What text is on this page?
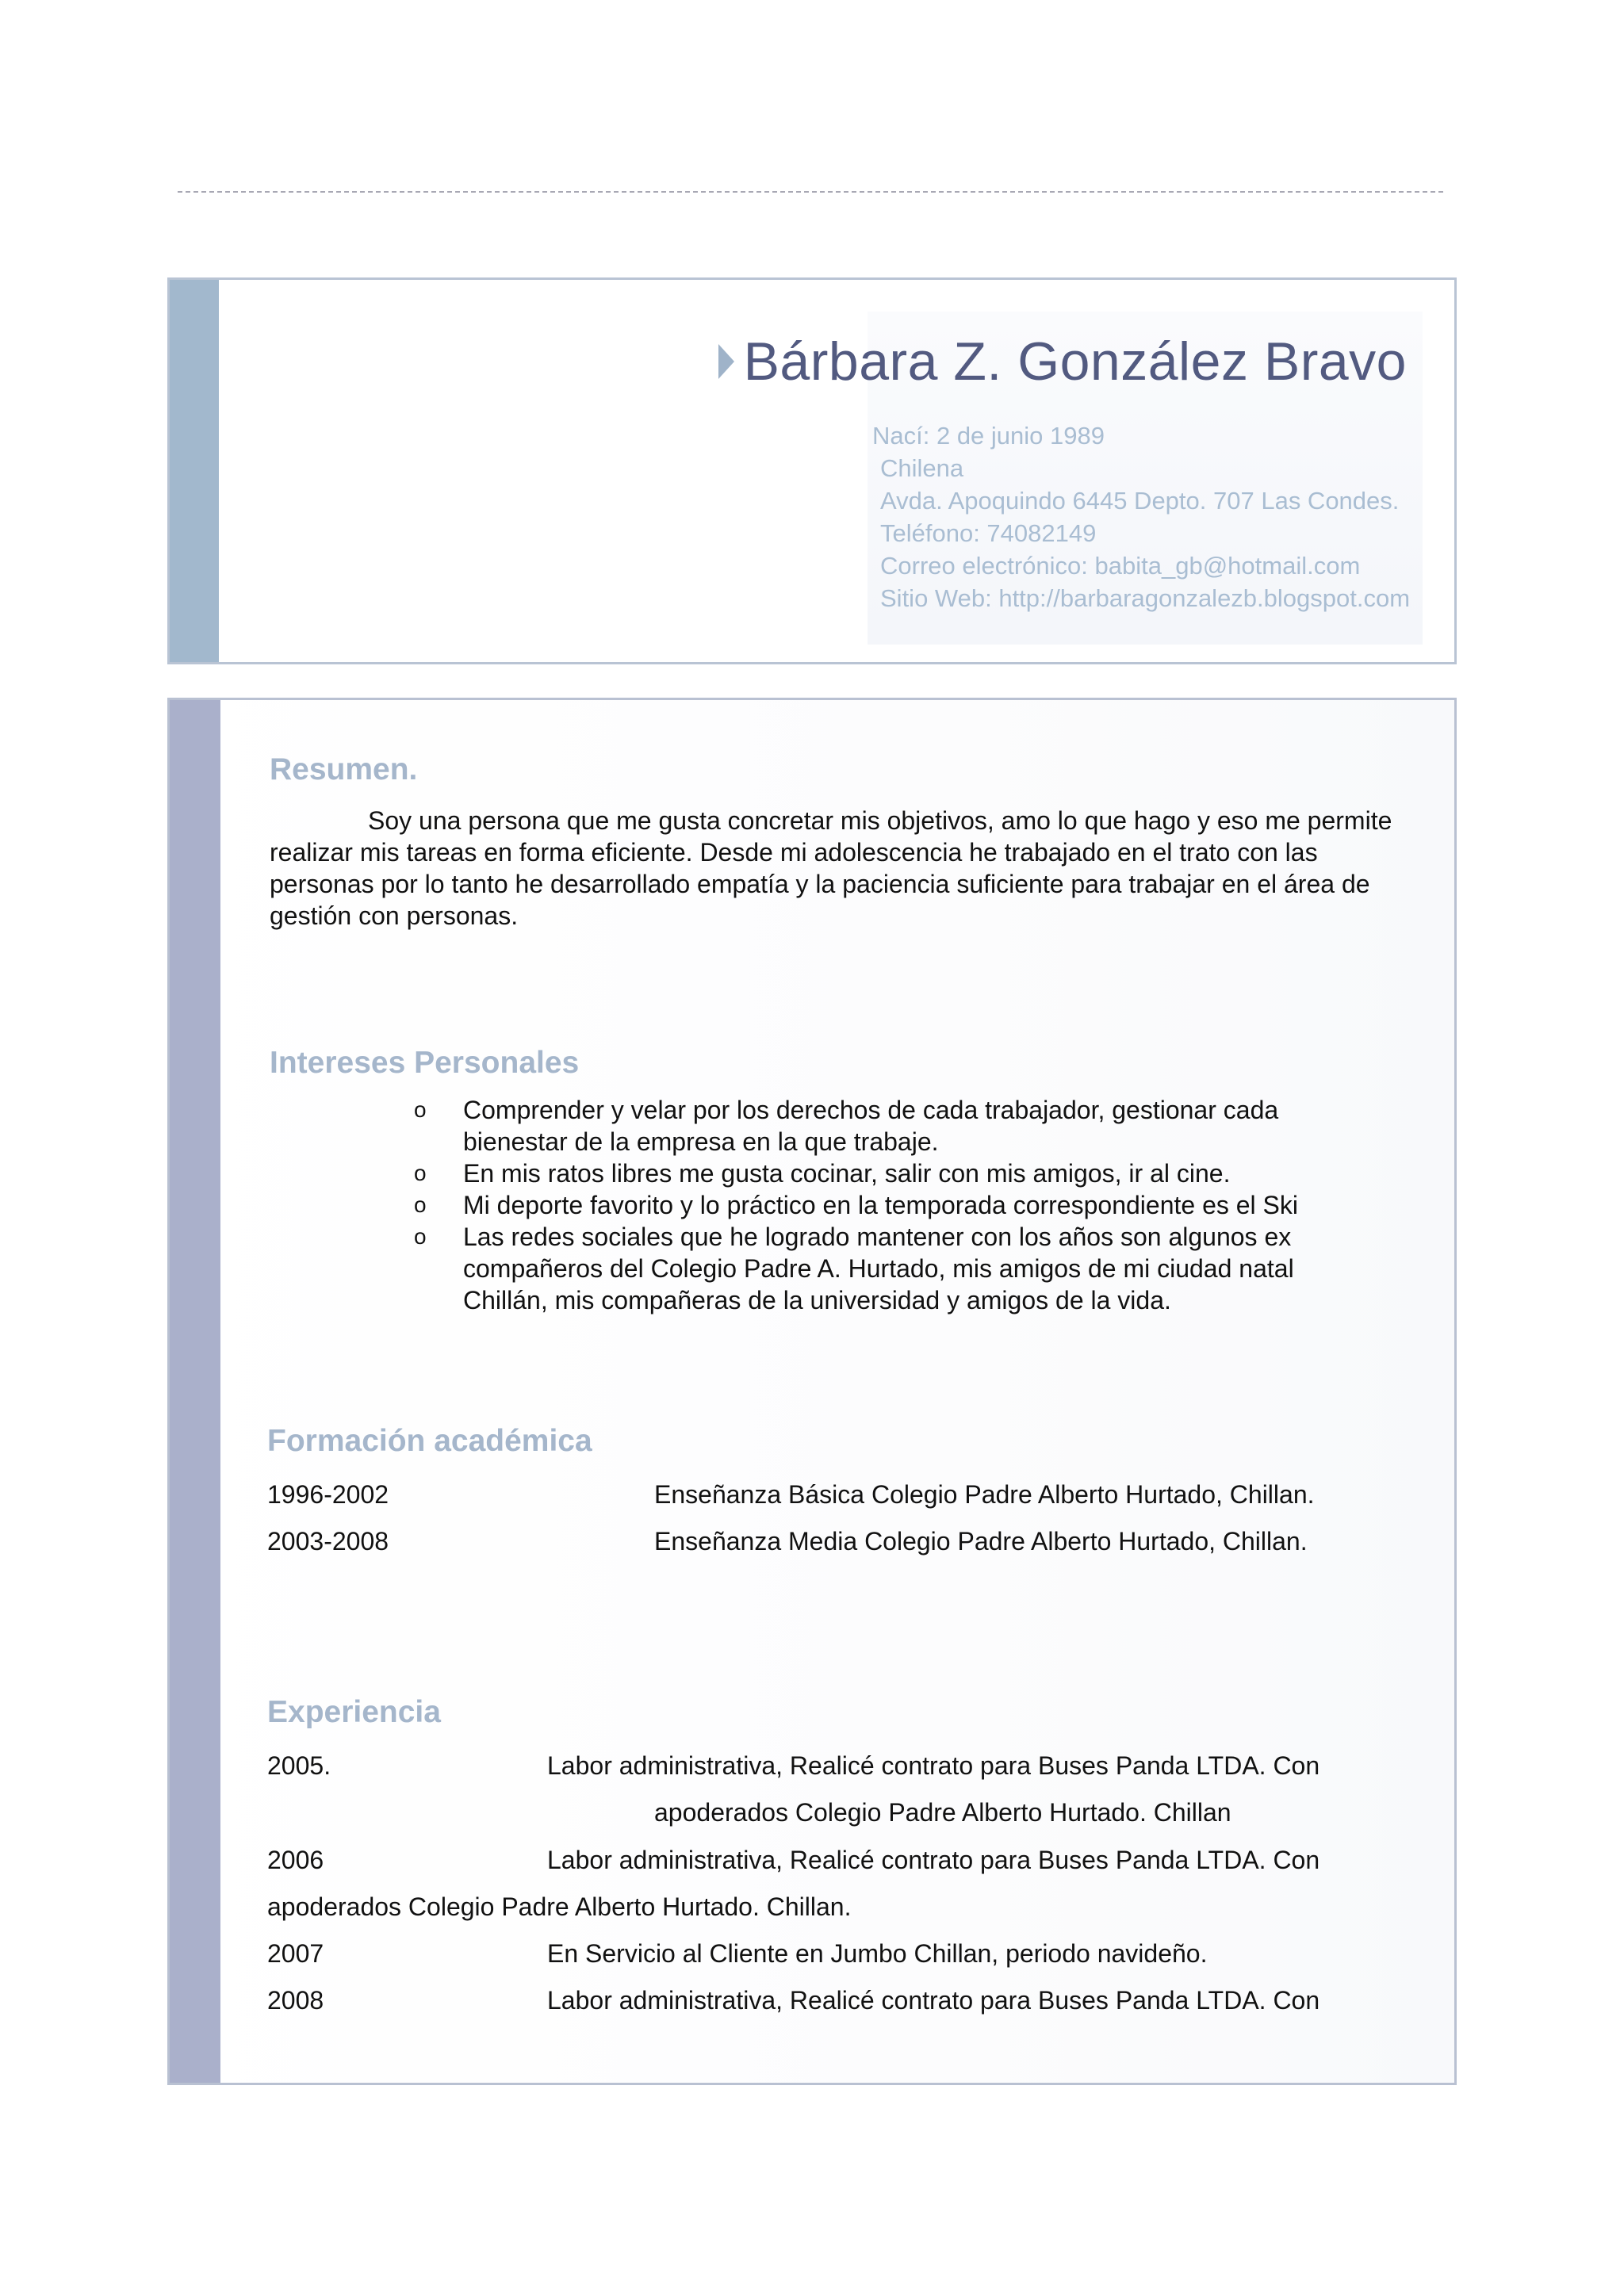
Bárbara Z. González Bravo
Nací: 2 de junio 1989
Chilena
Avda. Apoquindo 6445 Depto. 707 Las Condes.
Teléfono: 74082149
Correo electrónico: babita_gb@hotmail.com
Sitio Web: http://barbaragonzalezb.blogspot.com
Resumen.

Soy una persona que me gusta concretar mis objetivos, amo lo que hago y eso me permite realizar mis tareas en forma eficiente. Desde mi adolescencia he trabajado en el trato con las personas por lo tanto he desarrollado empatía y la paciencia suficiente para trabajar en el área de gestión con personas.

Intereses Personales
o
o
o
o
Comprender y velar por los derechos de cada trabajador, gestionar cada bienestar de la empresa en la que trabaje.
En mis ratos libres me gusta cocinar, salir con mis amigos, ir al cine.
Mi deporte favorito y lo práctico en la temporada correspondiente es el Ski
Las redes sociales que he logrado mantener con los años son algunos ex compañeros del Colegio Padre A. Hurtado, mis amigos de mi ciudad natal Chillán, mis compañeras de la universidad y amigos de la vida.
Formación académica
1996-2002	Enseñanza Básica Colegio Padre Alberto Hurtado, Chillan.
2003-2008	Enseñanza Media Colegio Padre Alberto Hurtado, Chillan.
Experiencia
2005.	Labor administrativa, Realicé contrato para Buses Panda LTDA. Con
apoderados Colegio Padre Alberto Hurtado. Chillan
2006	Labor administrativa, Realicé contrato para Buses Panda LTDA. Con
apoderados Colegio Padre Alberto Hurtado. Chillan.
2007	En Servicio al Cliente en Jumbo Chillan, periodo navideño.
2008	Labor administrativa, Realicé contrato para Buses Panda LTDA. Con
